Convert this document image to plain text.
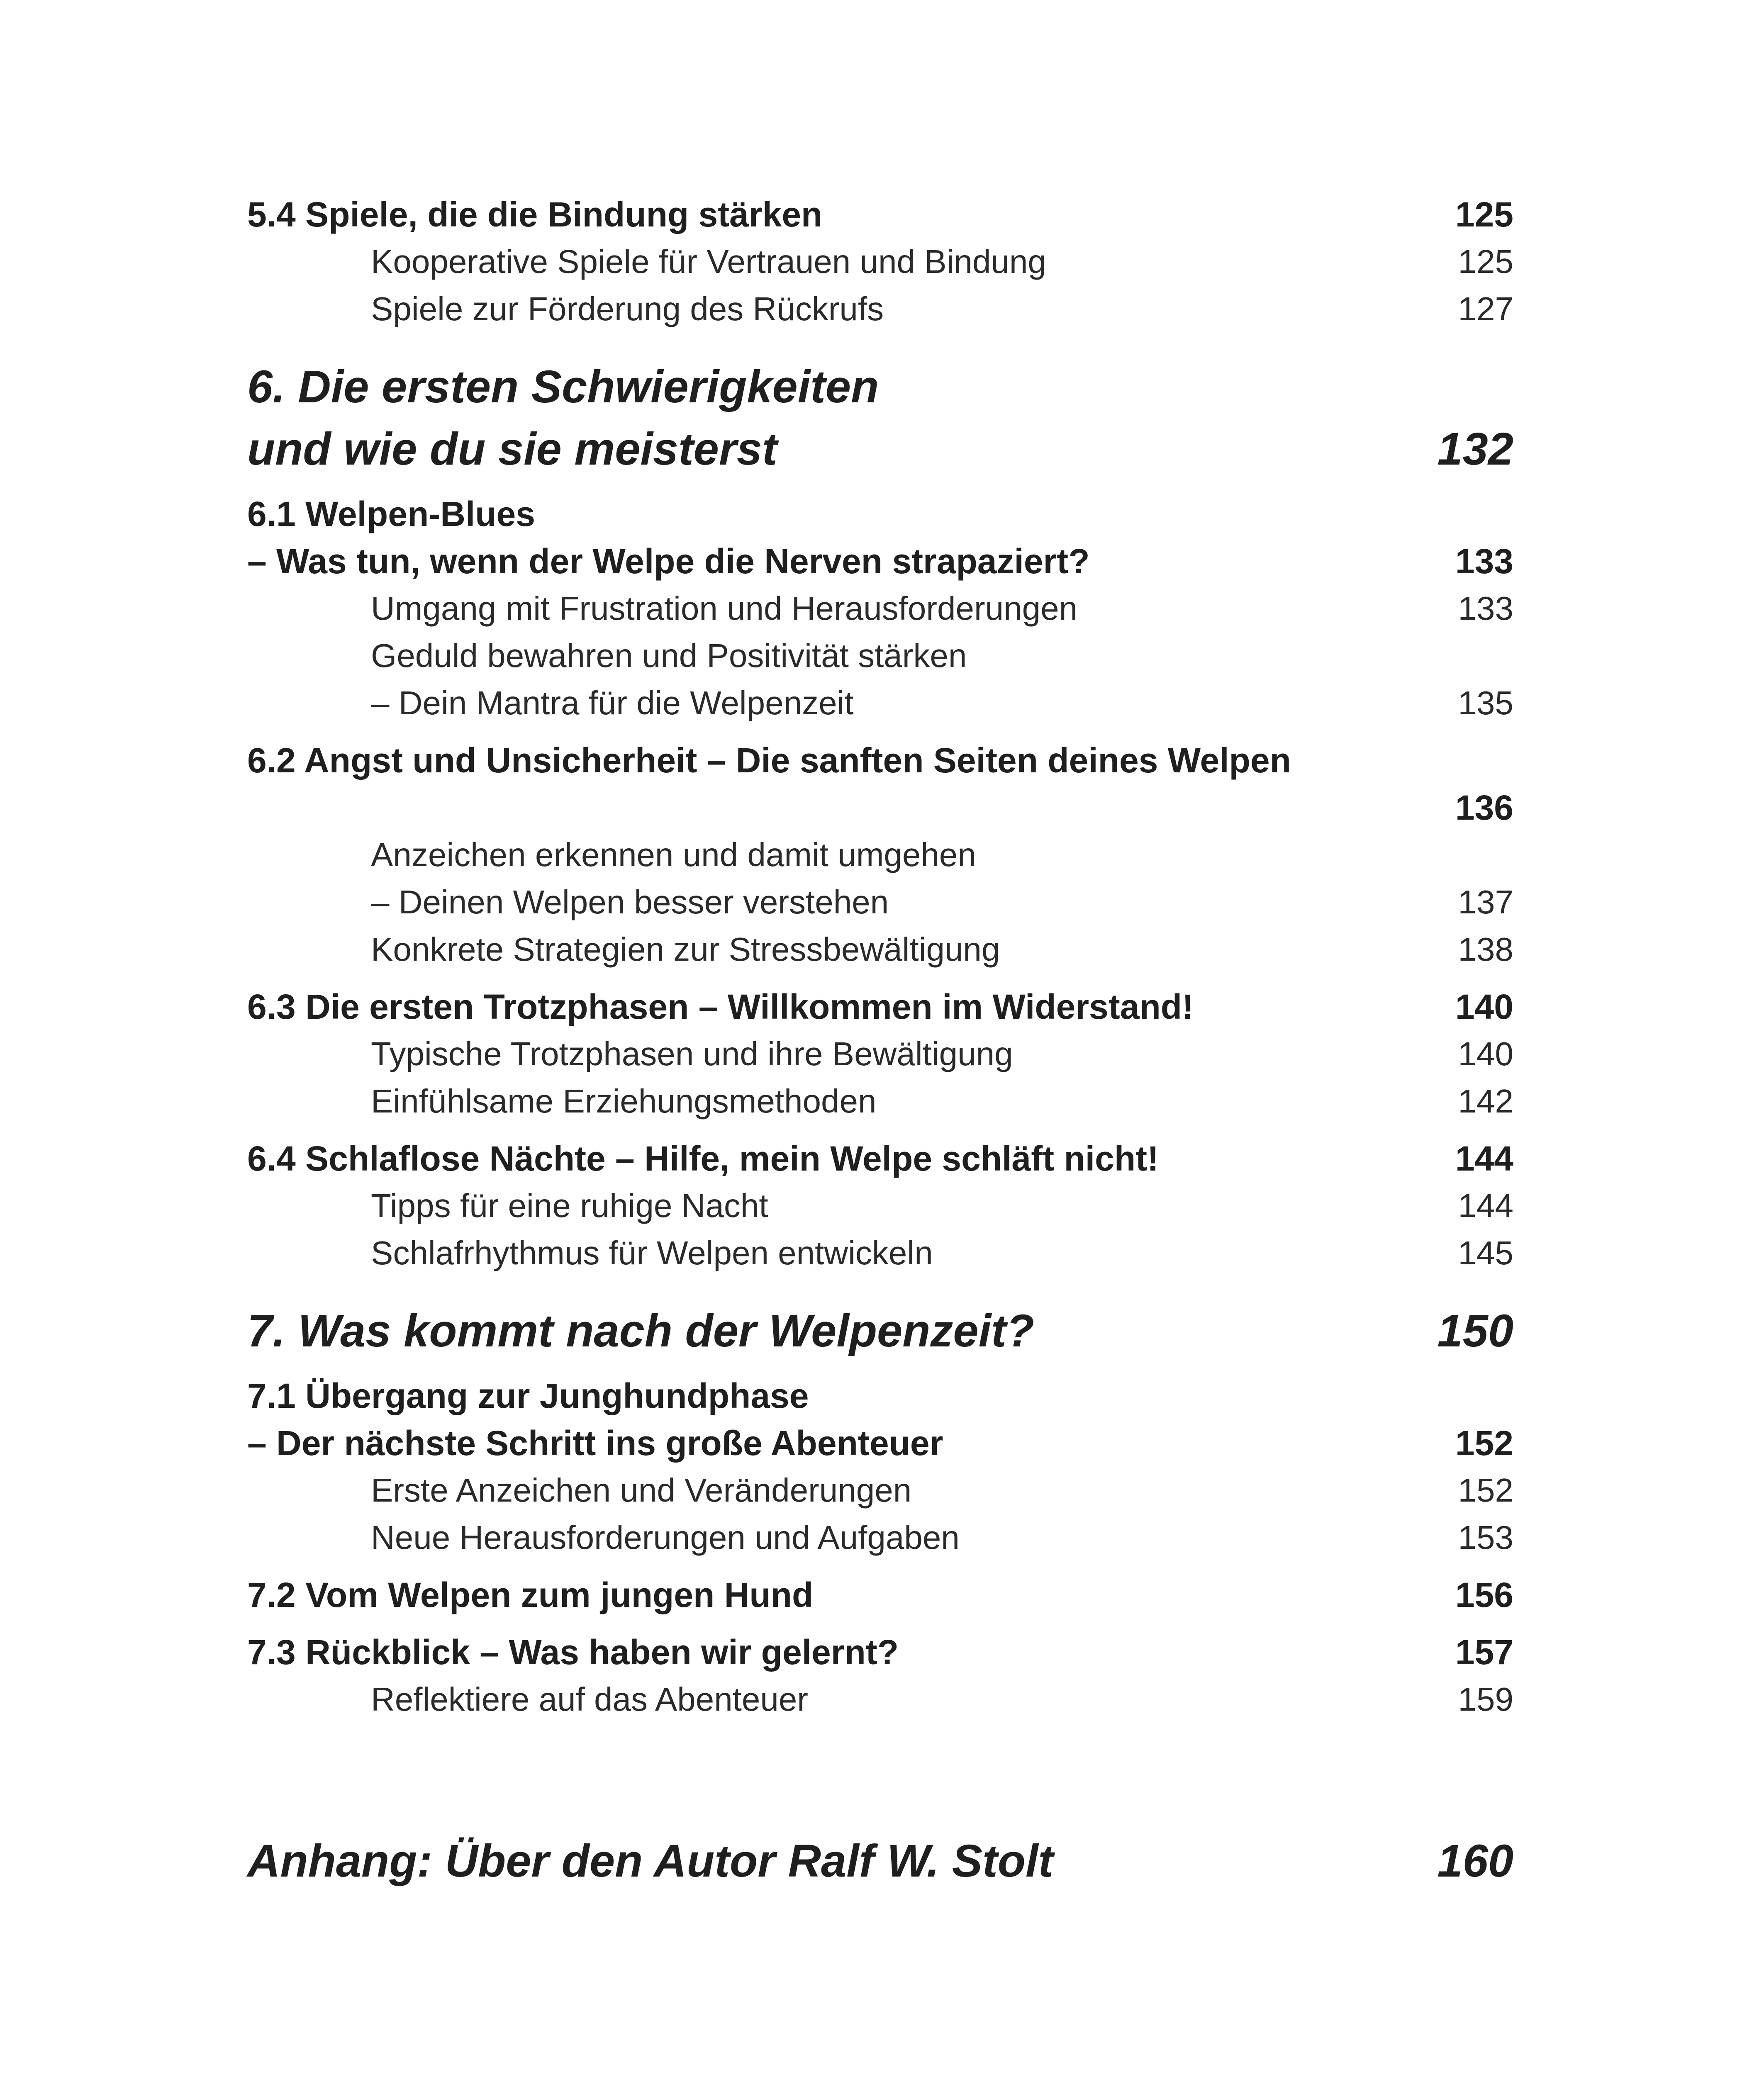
5.4 Spiele, die die Bindung stärken	125
Kooperative Spiele für Vertrauen und Bindung	125
Spiele zur Förderung des Rückrufs	127
6. Die ersten Schwierigkeiten
und wie du sie meisterst	132
6.1 Welpen-Blues
– Was tun, wenn der Welpe die Nerven strapaziert?	133
Umgang mit Frustration und Herausforderungen	133
Geduld bewahren und Positivität stärken
– Dein Mantra für die Welpenzeit	135
6.2 Angst und Unsicherheit – Die sanften Seiten deines Welpen
136
Anzeichen erkennen und damit umgehen
– Deinen Welpen besser verstehen	137
Konkrete Strategien zur Stressbewältigung	138
6.3 Die ersten Trotzphasen – Willkommen im Widerstand!	140
Typische Trotzphasen und ihre Bewältigung	140
Einfühlsame Erziehungsmethoden	142
6.4 Schlaflose Nächte – Hilfe, mein Welpe schläft nicht!	144
Tipps für eine ruhige Nacht	144
Schlafrhythmus für Welpen entwickeln	145
7. Was kommt nach der Welpenzeit?	150
7.1 Übergang zur Junghundphase
– Der nächste Schritt ins große Abenteuer	152
Erste Anzeichen und Veränderungen	152
Neue Herausforderungen und Aufgaben	153
7.2 Vom Welpen zum jungen Hund	156
7.3 Rückblick – Was haben wir gelernt?	157
Reflektiere auf das Abenteuer	159
Anhang: Über den Autor Ralf W. Stolt	160
